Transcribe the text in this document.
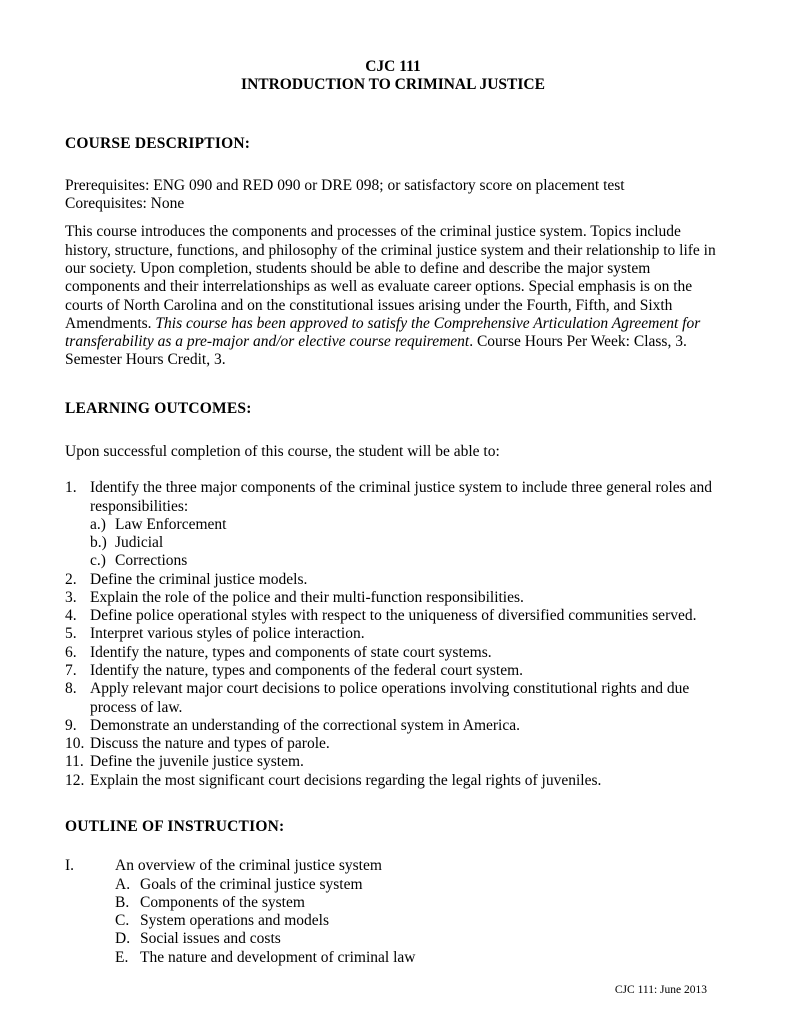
CJC 111
INTRODUCTION TO CRIMINAL JUSTICE
COURSE DESCRIPTION:
Prerequisites: ENG 090 and RED 090 or DRE 098; or satisfactory score on placement test
Corequisites: None

This course introduces the components and processes of the criminal justice system. Topics include history, structure, functions, and philosophy of the criminal justice system and their relationship to life in our society. Upon completion, students should be able to define and describe the major system components and their interrelationships as well as evaluate career options. Special emphasis is on the courts of North Carolina and on the constitutional issues arising under the Fourth, Fifth, and Sixth Amendments. This course has been approved to satisfy the Comprehensive Articulation Agreement for transferability as a pre-major and/or elective course requirement. Course Hours Per Week: Class, 3. Semester Hours Credit, 3.

LEARNING OUTCOMES:
Upon successful completion of this course, the student will be able to:
1. Identify the three major components of the criminal justice system to include three general roles and responsibilities:
a.) Law Enforcement
b.) Judicial
c.) Corrections
2. Define the criminal justice models.
3. Explain the role of the police and their multi-function responsibilities.
4. Define police operational styles with respect to the uniqueness of diversified communities served.
5. Interpret various styles of police interaction.
6. Identify the nature, types and components of state court systems.
7. Identify the nature, types and components of the federal court system.
8. Apply relevant major court decisions to police operations involving constitutional rights and due process of law.
9. Demonstrate an understanding of the correctional system in America.
10. Discuss the nature and types of parole.
11. Define the juvenile justice system.
12. Explain the most significant court decisions regarding the legal rights of juveniles.
OUTLINE OF INSTRUCTION:
I.	An overview of the criminal justice system
A. Goals of the criminal justice system
B. Components of the system
C. System operations and models
D. Social issues and costs
E. The nature and development of criminal law
CJC 111: June 2013
